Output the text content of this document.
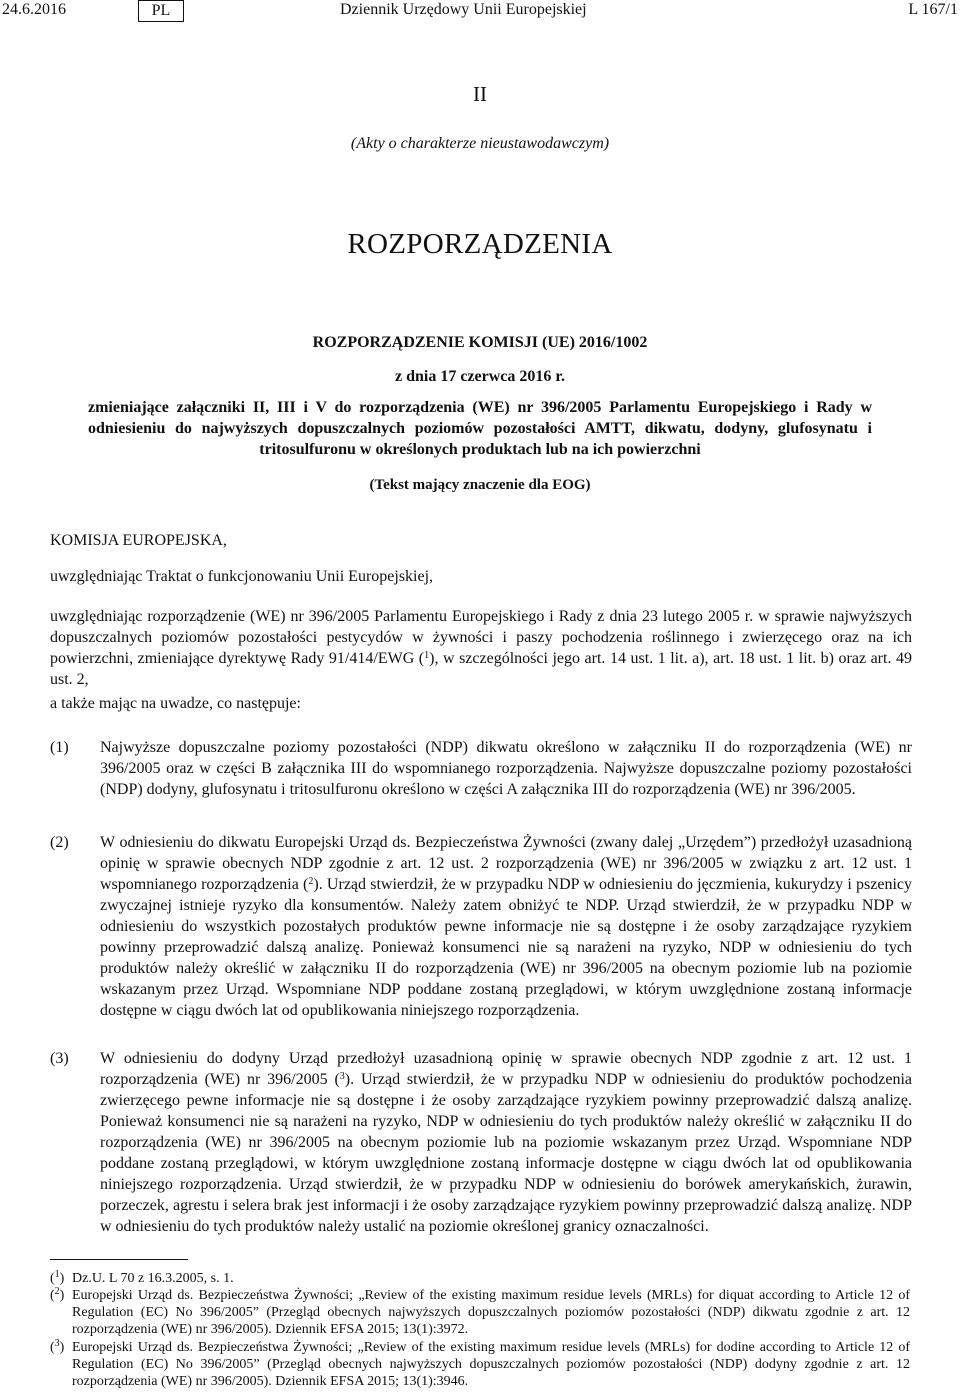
24.6.2016	PL	Dziennik Urzędowy Unii Europejskiej	L 167/1
II
(Akty o charakterze nieustawodawczym)
ROZPORZĄDZENIA
ROZPORZĄDZENIE KOMISJI (UE) 2016/1002
z dnia 17 czerwca 2016 r.
zmieniające załączniki II, III i V do rozporządzenia (WE) nr 396/2005 Parlamentu Europejskiego i Rady w odniesieniu do najwyższych dopuszczalnych poziomów pozostałości AMTT, dikwatu, dodyny, glufosynatu i tritosulfuronu w określonych produktach lub na ich powierzchni
(Tekst mający znaczenie dla EOG)
KOMISJA EUROPEJSKA,
uwzględniając Traktat o funkcjonowaniu Unii Europejskiej,
uwzględniając rozporządzenie (WE) nr 396/2005 Parlamentu Europejskiego i Rady z dnia 23 lutego 2005 r. w sprawie najwyższych dopuszczalnych poziomów pozostałości pestycydów w żywności i paszy pochodzenia roślinnego i zwierzęcego oraz na ich powierzchni, zmieniające dyrektywę Rady 91/414/EWG ($^1$), w szczególności jego art. 14 ust. 1 lit. a), art. 18 ust. 1 lit. b) oraz art. 49 ust. 2,
a także mając na uwadze, co następuje:
(1) Najwyższe dopuszczalne poziomy pozostałości (NDP) dikwatu określono w załączniku II do rozporządzenia (WE) nr 396/2005 oraz w części B załącznika III do wspomnianego rozporządzenia. Najwyższe dopuszczalne poziomy pozostałości (NDP) dodyny, glufosynatu i tritosulfuronu określono w części A załącznika III do rozporządzenia (WE) nr 396/2005.
(2) W odniesieniu do dikwatu Europejski Urząd ds. Bezpieczeństwa Żywności (zwany dalej „Urzędem”) przedłożył uzasadnioną opinię w sprawie obecnych NDP zgodnie z art. 12 ust. 2 rozporządzenia (WE) nr 396/2005 w związku z art. 12 ust. 1 wspomnianego rozporządzenia ($^2$). Urząd stwierdził, że w przypadku NDP w odniesieniu do jęczmienia, kukurydzy i pszenicy zwyczajnej istnieje ryzyko dla konsumentów. Należy zatem obniżyć te NDP. Urząd stwierdził, że w przypadku NDP w odniesieniu do wszystkich pozostałych produktów pewne informacje nie są dostępne i że osoby zarządzające ryzykiem powinny przeprowadzić dalszą analizę. Ponieważ konsumenci nie są narażeni na ryzyko, NDP w odniesieniu do tych produktów należy określić w załączniku II do rozporządzenia (WE) nr 396/2005 na obecnym poziomie lub na poziomie wskazanym przez Urząd. Wspomniane NDP poddane zostaną przeglądowi, w którym uwzględnione zostaną informacje dostępne w ciągu dwóch lat od opublikowania niniejszego rozporządzenia.
(3) W odniesieniu do dodyny Urząd przedłożył uzasadnioną opinię w sprawie obecnych NDP zgodnie z art. 12 ust. 1 rozporządzenia (WE) nr 396/2005 ($^3$). Urząd stwierdził, że w przypadku NDP w odniesieniu do produktów pochodzenia zwierzęcego pewne informacje nie są dostępne i że osoby zarządzające ryzykiem powinny przeprowadzić dalszą analizę. Ponieważ konsumenci nie są narażeni na ryzyko, NDP w odniesieniu do tych produktów należy określić w załączniku II do rozporządzenia (WE) nr 396/2005 na obecnym poziomie lub na poziomie wskazanym przez Urząd. Wspomniane NDP poddane zostaną przeglądowi, w którym uwzględnione zostaną informacje dostępne w ciągu dwóch lat od opublikowania niniejszego rozporządzenia. Urząd stwierdził, że w przypadku NDP w odniesieniu do borówek amerykańskich, żurawin, porzeczek, agrestu i selera brak jest informacji i że osoby zarządzające ryzykiem powinny przeprowadzić dalszą analizę. NDP w odniesieniu do tych produktów należy ustalić na poziomie określonej granicy oznaczalności.
($^1$) Dz.U. L 70 z 16.3.2005, s. 1.
($^2$) Europejski Urząd ds. Bezpieczeństwa Żywności; „Review of the existing maximum residue levels (MRLs) for diquat according to Article 12 of Regulation (EC) No 396/2005” (Przegląd obecnych najwyższych dopuszczalnych poziomów pozostałości (NDP) dikwatu zgodnie z art. 12 rozporządzenia (WE) nr 396/2005). Dziennik EFSA 2015; 13(1):3972.
($^3$) Europejski Urząd ds. Bezpieczeństwa Żywności; „Review of the existing maximum residue levels (MRLs) for dodine according to Article 12 of Regulation (EC) No 396/2005” (Przegląd obecnych najwyższych dopuszczalnych poziomów pozostałości (NDP) dodyny zgodnie z art. 12 rozporządzenia (WE) nr 396/2005). Dziennik EFSA 2015; 13(1):3946.
